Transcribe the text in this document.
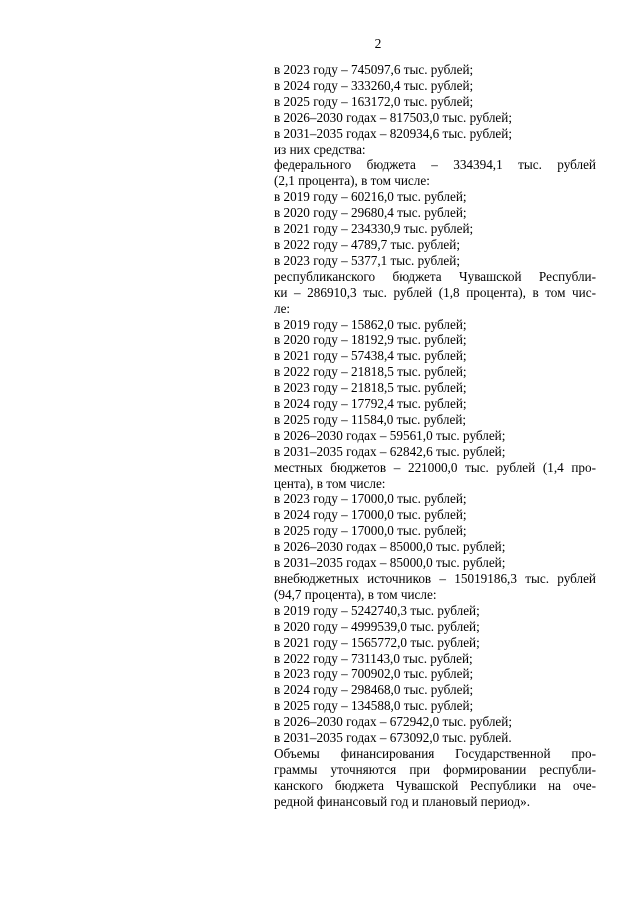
2
в 2023 году – 745097,6 тыс. рублей;
в 2024 году – 333260,4 тыс. рублей;
в 2025 году – 163172,0 тыс. рублей;
в 2026–2030 годах – 817503,0 тыс. рублей;
в 2031–2035 годах – 820934,6 тыс. рублей;
из них средства:
федерального бюджета – 334394,1 тыс. рублей
(2,1 процента), в том числе:
в 2019 году – 60216,0 тыс. рублей;
в 2020 году – 29680,4 тыс. рублей;
в 2021 году – 234330,9 тыс. рублей;
в 2022 году – 4789,7 тыс. рублей;
в 2023 году – 5377,1 тыс. рублей;
республиканского бюджета Чувашской Республи-
ки – 286910,3 тыс. рублей (1,8 процента), в том чис-
ле:
в 2019 году – 15862,0 тыс. рублей;
в 2020 году – 18192,9 тыс. рублей;
в 2021 году – 57438,4 тыс. рублей;
в 2022 году – 21818,5 тыс. рублей;
в 2023 году – 21818,5 тыс. рублей;
в 2024 году – 17792,4 тыс. рублей;
в 2025 году – 11584,0 тыс. рублей;
в 2026–2030 годах – 59561,0 тыс. рублей;
в 2031–2035 годах – 62842,6 тыс. рублей;
местных бюджетов – 221000,0 тыс. рублей (1,4 про-
цента), в том числе:
в 2023 году – 17000,0 тыс. рублей;
в 2024 году – 17000,0 тыс. рублей;
в 2025 году – 17000,0 тыс. рублей;
в 2026–2030 годах – 85000,0 тыс. рублей;
в 2031–2035 годах – 85000,0 тыс. рублей;
внебюджетных источников – 15019186,3 тыс. рублей
(94,7 процента), в том числе:
в 2019 году – 5242740,3 тыс. рублей;
в 2020 году – 4999539,0 тыс. рублей;
в 2021 году – 1565772,0 тыс. рублей;
в 2022 году – 731143,0 тыс. рублей;
в 2023 году – 700902,0 тыс. рублей;
в 2024 году – 298468,0 тыс. рублей;
в 2025 году – 134588,0 тыс. рублей;
в 2026–2030 годах – 672942,0 тыс. рублей;
в 2031–2035 годах – 673092,0 тыс. рублей.
Объемы финансирования Государственной про-
граммы уточняются при формировании республи-
канского бюджета Чувашской Республики на оче-
редной финансовый год и плановый период».
